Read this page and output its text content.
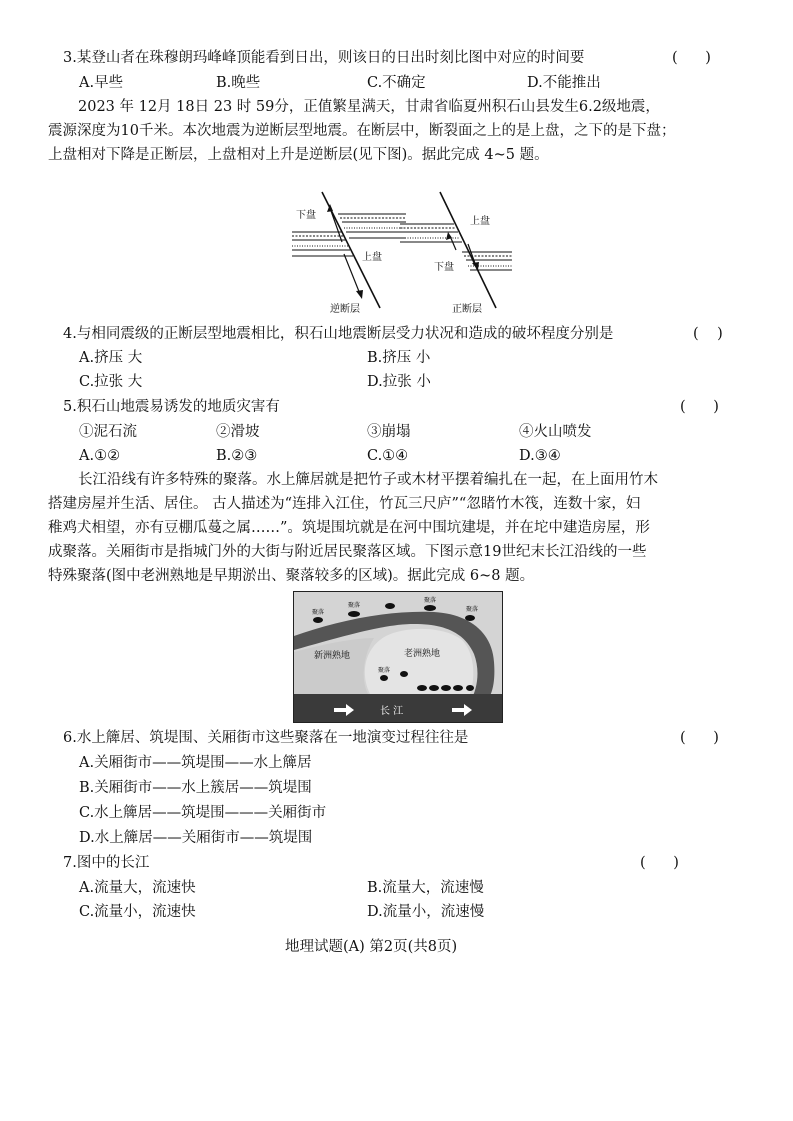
3.某登山者在珠穆朗玛峰峰顶能看到日出，则该日的日出时刻比图中对应的时间要	(      )
A.早些	B.晚些	C.不确定	D.不能推出
2023 年 12月 18日 23 时 59分，正值繁星满天，甘肃省临夏州积石山县发生6.2级地震，
震源深度为10千米。本次地震为逆断层型地震。在断层中，断裂面之上的是上盘，之下的是下盘；
上盘相对下降是正断层，上盘相对上升是逆断层(见下图)。据此完成 4~5 题。
下盘
上盘
逆断层
上盘
下盘
正断层
4.与相同震级的正断层型地震相比，积石山地震断层受力状况和造成的破坏程度分别是	(    )
A.挤压 大	B.挤压 小
C.拉张 大	D.拉张 小
5.积石山地震易诱发的地质灾害有	(      )
①泥石流	②滑坡	③崩塌	④火山喷发
A.①②	B.②③	C.①④	D.③④
长江沿线有许多特殊的聚落。水上簰居就是把竹子或木材平摆着编扎在一起，在上面用竹木
搭建房屋并生活、居住。 古人描述为“连排入江住，竹瓦三尺庐”“忽睹竹木筏，连数十家，妇
稚鸡犬相望，亦有豆棚瓜蔓之属……”。筑堤围坑就是在河中围坑建堤，并在坨中建造房屋，形
成聚落。关厢街市是指城门外的大街与附近居民聚落区域。下图示意19世纪末长江沿线的一些
特殊聚落(图中老洲熟地是早期淤出、聚落较多的区域)。据此完成 6~8 题。
聚落
聚落
聚落
聚落
聚落
新洲熟地	老洲熟地
长 江
6.水上簰居、筑堤围、关厢街市这些聚落在一地演变过程往往是	(      )
A.关厢街市——筑堤围——水上簰居
B.关厢街市——水上簇居——筑堤围
C.水上簰居——筑堤围———关厢街市
D.水上簰居——关厢街市——筑堤围
7.图中的长江	(      )
A.流量大，流速快	B.流量大，流速慢
C.流量小，流速快	D.流量小，流速慢
地理试题(A) 第2页(共8页)
